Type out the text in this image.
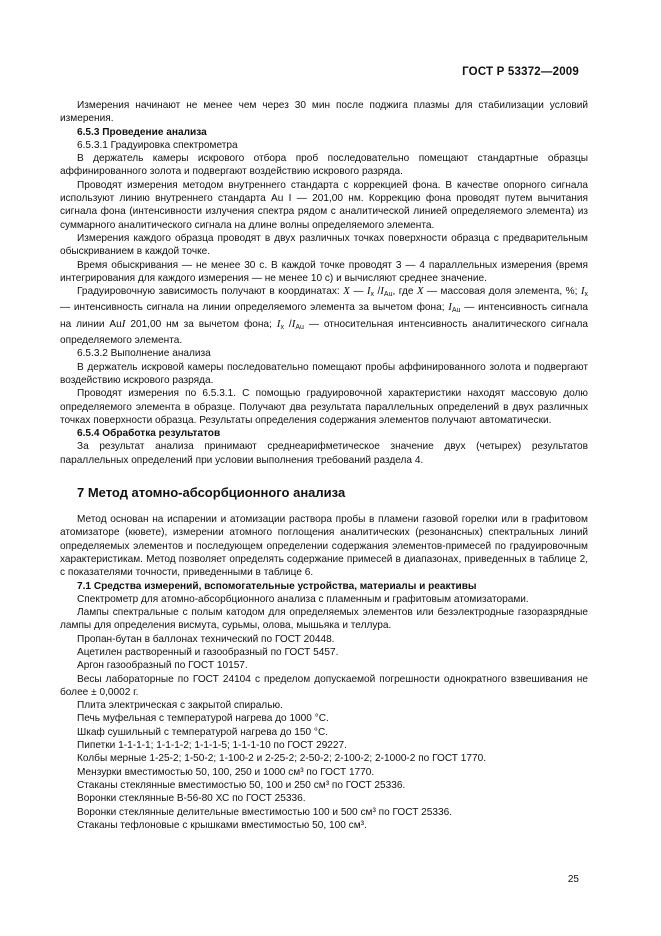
ГОСТ Р 53372—2009

Измерения начинают не менее чем через 30 мин после поджига плазмы для стабилизации условий измерения.

6.5.3 Проведение анализа

6.5.3.1 Градуировка спектрометра

В держатель камеры искрового отбора проб последовательно помещают стандартные образцы аффинированного золота и подвергают воздействию искрового разряда.

Проводят измерения методом внутреннего стандарта с коррекцией фона. В качестве опорного сигнала используют линию внутреннего стандарта Au I — 201,00 нм. Коррекцию фона проводят путем вычитания сигнала фона (интенсивности излучения спектра рядом с аналитической линией определяемого элемента) из суммарного аналитического сигнала на длине волны определяемого элемента.

Измерения каждого образца проводят в двух различных точках поверхности образца с предварительным обыскриванием в каждой точке.

Время обыскривания — не менее 30 с. В каждой точке проводят 3 — 4 параллельных измерения (время интегрирования для каждого измерения — не менее 10 с) и вычисляют среднее значение.

Градуировочную зависимость получают в координатах: X — $I_x$ $/I_{Au}$, где X — массовая доля элемента, %; $I_x$ — интенсивность сигнала на линии определяемого элемента за вычетом фона; $I_{Au}$ — интенсивность сигнала на линии AuI 201,00 нм за вычетом фона; $I_x$ $/I_{Au}$ — относительная интенсивность аналитического сигнала определяемого элемента.

6.5.3.2 Выполнение анализа

В держатель искровой камеры последовательно помещают пробы аффинированного золота и подвергают воздействию искрового разряда.

Проводят измерения по 6.5.3.1. С помощью градуировочной характеристики находят массовую долю определяемого элемента в образце. Получают два результата параллельных определений в двух различных точках поверхности образца. Результаты определения содержания элементов получают автоматически.

6.5.4 Обработка результатов

За результат анализа принимают среднеарифметическое значение двух (четырех) результатов параллельных определений при условии выполнения требований раздела 4.

7 Метод атомно-абсорбционного анализа

Метод основан на испарении и атомизации раствора пробы в пламени газовой горелки или в графитовом атомизаторе (кювете), измерении атомного поглощения аналитических (резонансных) спектральных линий определяемых элементов и последующем определении содержания элементов-примесей по градуировочным характеристикам. Метод позволяет определять содержание примесей в диапазонах, приведенных в таблице 2, с показателями точности, приведенными в таблице 6.

7.1 Средства измерений, вспомогательные устройства, материалы и реактивы

Спектрометр для атомно-абсорбционного анализа с пламенным и графитовым атомизаторами.

Лампы спектральные с полым катодом для определяемых элементов или безэлектродные газоразрядные лампы для определения висмута, сурьмы, олова, мышьяка и теллура.

Пропан-бутан в баллонах технический по ГОСТ 20448.

Ацетилен растворенный и газообразный по ГОСТ 5457.

Аргон газообразный по ГОСТ 10157.

Весы лабораторные по ГОСТ 24104 с пределом допускаемой погрешности однократного взвешивания не более ± 0,0002 г.

Плита электрическая с закрытой спиралью.

Печь муфельная с температурой нагрева до 1000 °С.

Шкаф сушильный с температурой нагрева до 150 °С.

Пипетки 1-1-1-1; 1-1-1-2; 1-1-1-5; 1-1-1-10 по ГОСТ 29227.

Колбы мерные 1-25-2; 1-50-2; 1-100-2 и 2-25-2; 2-50-2; 2-100-2; 2-1000-2 по ГОСТ 1770.

Мензурки вместимостью 50, 100, 250 и 1000 см³ по ГОСТ 1770.

Стаканы стеклянные вместимостью 50, 100 и 250 см³ по ГОСТ 25336.

Воронки стеклянные В-56-80 ХС по ГОСТ 25336.

Воронки стеклянные делительные вместимостью 100 и 500 см³ по ГОСТ 25336.

Стаканы тефлоновые с крышками вместимостью 50, 100 см³.

25
